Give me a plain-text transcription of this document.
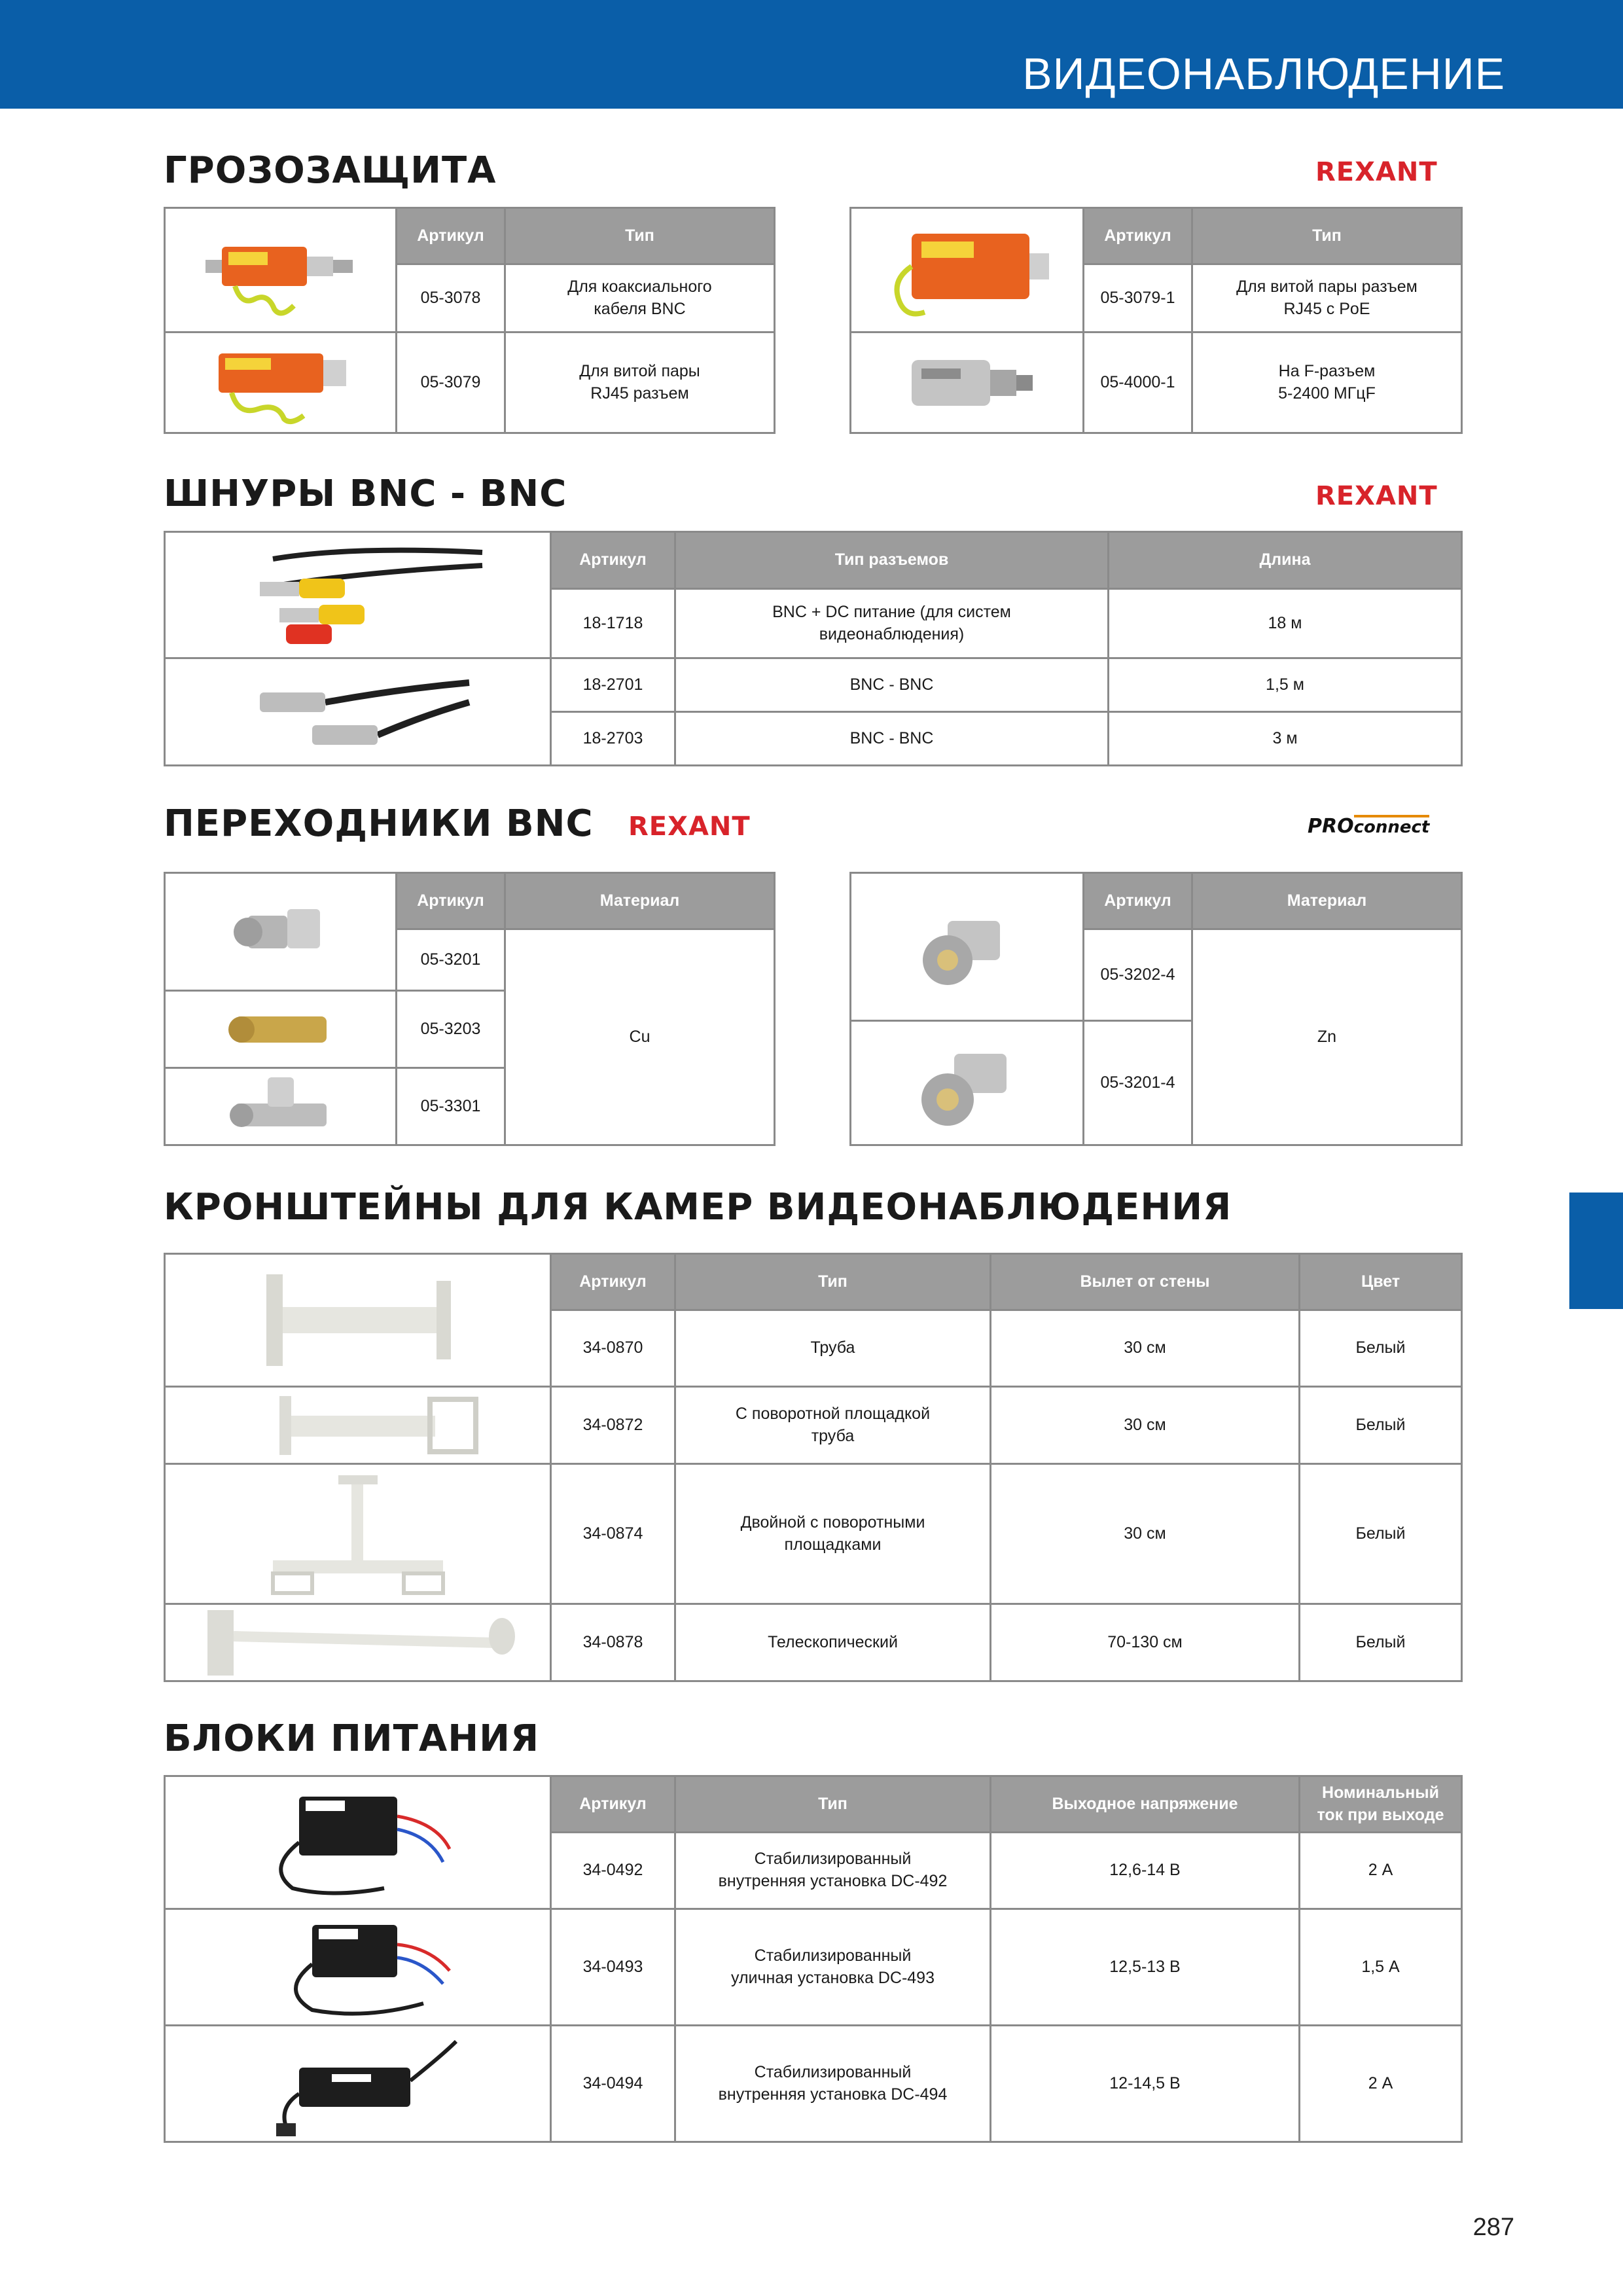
ВИДЕОНАБЛЮДЕНИЕ
ГРОЗОЗАЩИТА	REXANT
	Артикул	Тип

	05-3078	Для коаксиального
кабеля BNC

	05-3079	Для витой пары
RJ45 разъем
	Артикул	Тип

	05-3079-1	Для витой пары разъем
RJ45 с PoE

	05-4000-1	На F-разъем
5-2400 МГцF
ШНУРЫ BNC - BNC	REXANT
	Артикул	Тип разъемов	Длина
	18-1718	BNC + DC питание (для систем
видеонаблюдения)	18 м

	18-2701	BNC - BNC	1,5 м
	18-2703	BNC - BNC	3 м
ПЕРЕХОДНИКИ BNC REXANT	PROconnect
	Артикул	Материал
	05-3201	Cu

	05-3203	

	05-3301	
	Артикул	Материал
	05-3202-4	Zn

	05-3201-4	
КРОНШТЕЙНЫ ДЛЯ КАМЕР ВИДЕОНАБЛЮДЕНИЯ
	Артикул	Тип	Вылет от стены	Цвет
	34-0870	Труба	30 см	Белый

	34-0872	С поворотной площадкой
труба	30 см	Белый

	34-0874	Двойной с поворотными
площадками	30 см	Белый

	34-0878	Телескопический	70-130 см	Белый
БЛОКИ ПИТАНИЯ
	Артикул	Тип	Выходное напряжение	Номинальный
ток при выходе
	34-0492	Стабилизированный
внутренняя установка DC-492	12,6-14 В	2 А

	34-0493	Стабилизированный
уличная установка DC-493	12,5-13 В	1,5 А

	34-0494	Стабилизированный
внутренняя установка DC-494	12-14,5 В	2 А
287
